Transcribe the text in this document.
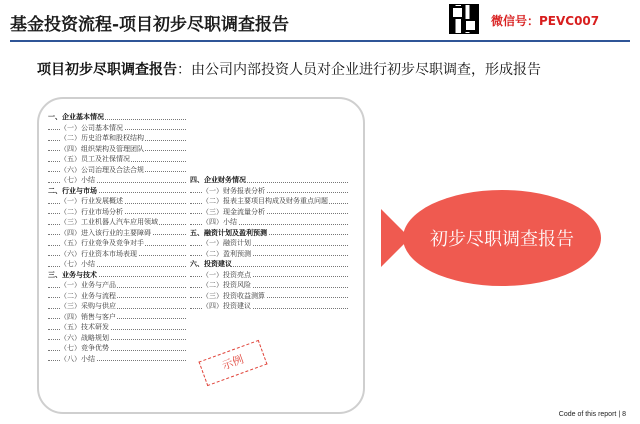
基金投资流程-项目初步尽职调查报告	微信号：PEVC007
项目初步尽职调查报告：由公司内部投资人员对企业进行初步尽职调查，形成报告
一、企业基本情况
（一）公司基本情况
（二）历史沿革和股权结构
（四）组织架构及管理团队
（五）员工及社保情况
（六）公司治理及合法合规
（七）小结
二、行业与市场
（一）行业发展概述
（二）行业市场分析
（三）工业机器人汽车应用领域
（四）进入该行业的主要障碍
（五）行业竞争及竞争对手
（六）行业资本市场表现
（七）小结
三、业务与技术
（一）业务与产品
（二）业务与流程
（三）采购与供应
（四）销售与客户
（五）技术研发
（六）战略规划
（七）竞争优势
（八）小结
四、企业财务情况
（一）财务报表分析
（二）报表主要项目构成及财务重点问题
（三）现金流量分析
（四）小结
五、融资计划及盈利预测
（一）融资计划
（二）盈利预测
六、投资建议
（一）投资亮点
（二）投资风险
（三）投资收益测算
（四）投资建议
示例
初步尽职调查报告
Code of this report | 8
